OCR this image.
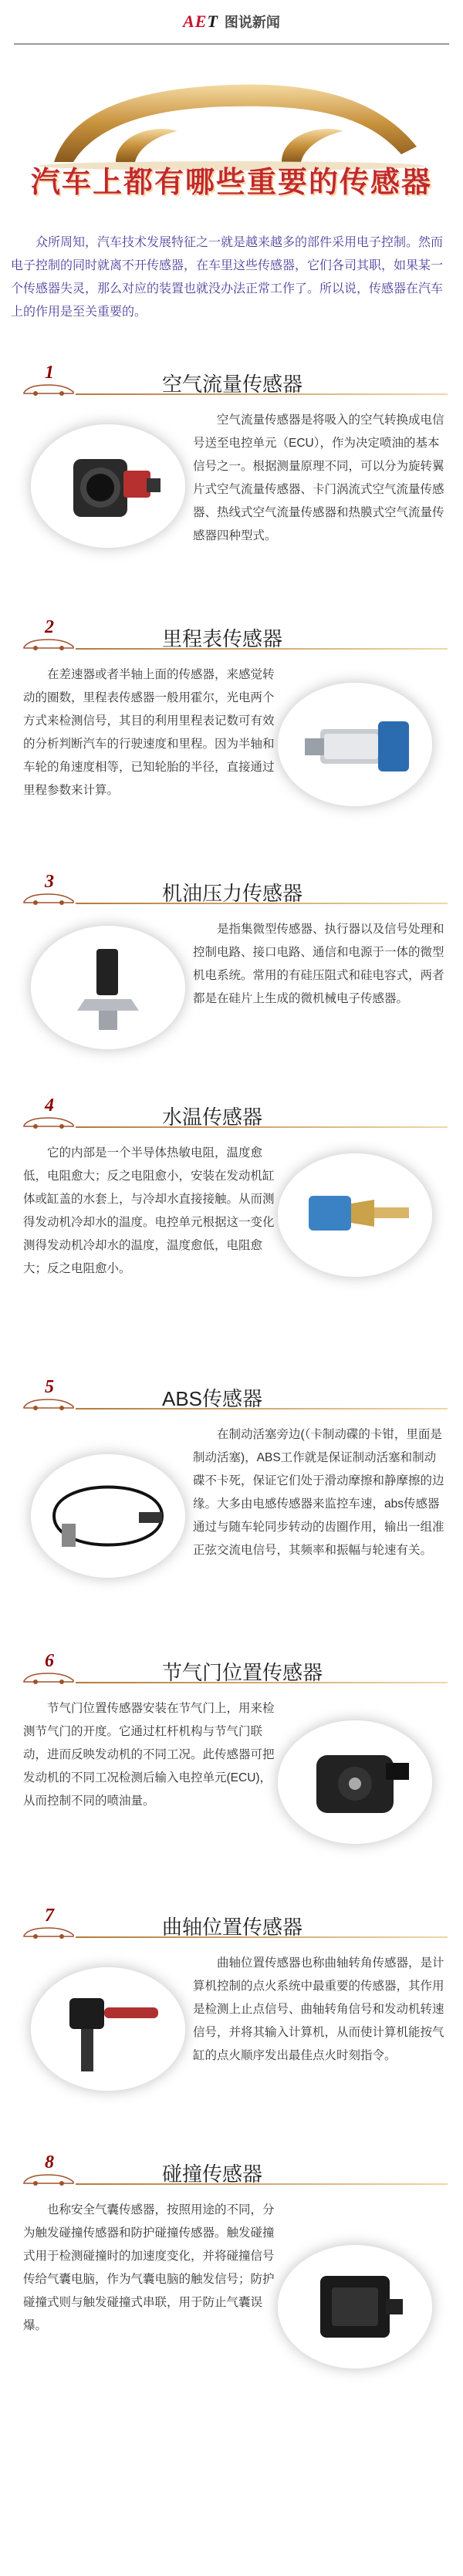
AET 图说新闻
汽车上都有哪些重要的传感器
众所周知，汽车技术发展特征之一就是越来越多的部件采用电子控制。然而电子控制的同时就离不开传感器，在车里这些传感器，它们各司其职，如果某一个传感器失灵，那么对应的装置也就没办法正常工作了。所以说，传感器在汽车上的作用是至关重要的。
1	空气流量传感器
空气流量传感器是将吸入的空气转换成电信号送至电控单元（ECU），作为决定喷油的基本信号之一。根据测量原理不同，可以分为旋转翼片式空气流量传感器、卡门涡流式空气流量传感器、热线式空气流量传感器和热膜式空气流量传感器四种型式。
2	里程表传感器
在差速器或者半轴上面的传感器，来感觉转动的圈数，里程表传感器一般用霍尔，光电两个方式来检测信号，其目的利用里程表记数可有效的分析判断汽车的行驶速度和里程。因为半轴和车轮的角速度相等，已知轮胎的半径，直接通过里程参数来计算。
3	机油压力传感器
是指集微型传感器、执行器以及信号处理和控制电路、接口电路、通信和电源于一体的微型机电系统。常用的有硅压阻式和硅电容式，两者都是在硅片上生成的微机械电子传感器。
4	水温传感器
它的内部是一个半导体热敏电阻，温度愈低，电阻愈大；反之电阻愈小，安装在发动机缸体或缸盖的水套上，与冷却水直接接触。从而测得发动机冷却水的温度。电控单元根据这一变化测得发动机冷却水的温度，温度愈低，电阻愈大；反之电阻愈小。
5	ABS传感器
在制动活塞旁边(（卡制动碟的卡钳，里面是制动活塞)，ABS工作就是保证制动活塞和制动碟不卡死，保证它们处于滑动摩擦和静摩擦的边缘。大多由电感传感器来监控车速，abs传感器通过与随车轮同步转动的齿圈作用，输出一组准正弦交流电信号，其频率和振幅与轮速有关。
6	节气门位置传感器
节气门位置传感器安装在节气门上，用来检测节气门的开度。它通过杠杆机构与节气门联动，进而反映发动机的不同工况。此传感器可把发动机的不同工况检测后输入电控单元(ECU)，从而控制不同的喷油量。
7	曲轴位置传感器
曲轴位置传感器也称曲轴转角传感器，是计算机控制的点火系统中最重要的传感器，其作用是检测上止点信号、曲轴转角信号和发动机转速信号，并将其输入计算机，从而使计算机能按气缸的点火顺序发出最佳点火时刻指令。
8	碰撞传感器
也称安全气囊传感器，按照用途的不同，分为触发碰撞传感器和防护碰撞传感器。触发碰撞式用于检测碰撞时的加速度变化，并将碰撞信号传给气囊电脑，作为气囊电脑的触发信号；防护碰撞式则与触发碰撞式串联，用于防止气囊误爆。
